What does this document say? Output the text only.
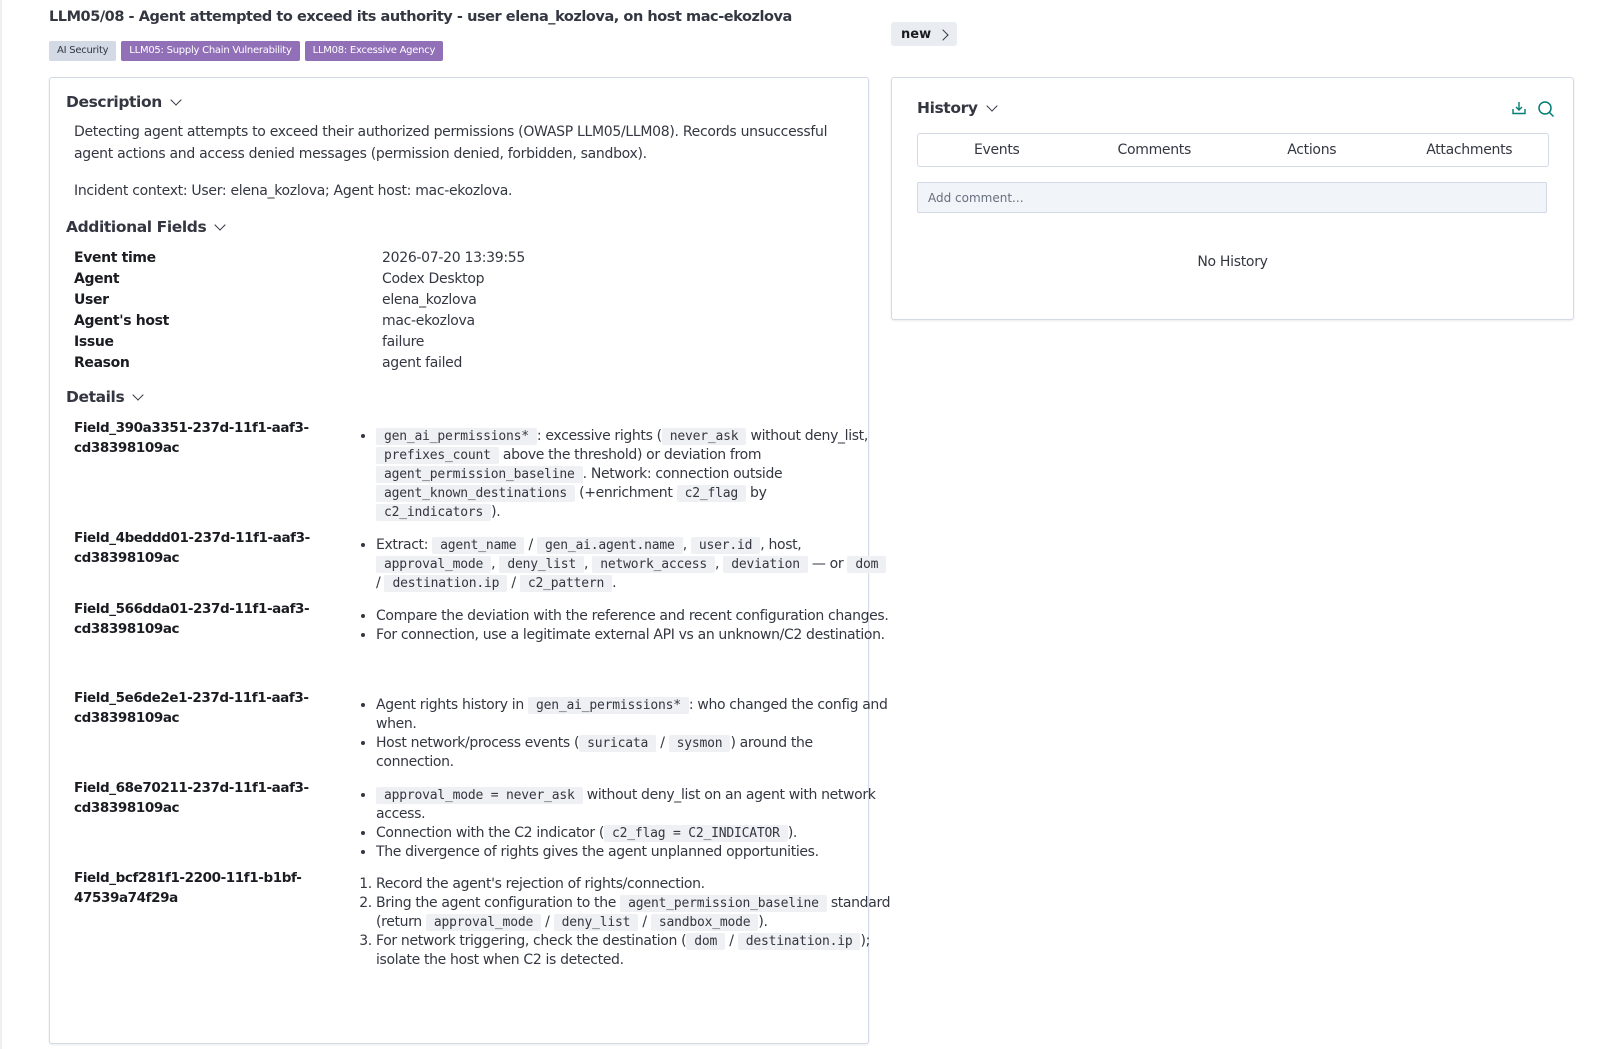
LLM05/08 - Agent attempted to exceed its authority - user elena_kozlova, on host mac-ekozlova
AI Security	LLM05: Supply Chain Vulnerability	LLM08: Excessive Agency
new
Description
Detecting agent attempts to exceed their authorized permissions (OWASP LLM05/LLM08). Records unsuccessful agent actions and access denied messages (permission denied, forbidden, sandbox).
Incident context: User: elena_kozlova; Agent host: mac-ekozlova.
Additional Fields
Event time	2026-07-20 13:39:55
Agent	Codex Desktop
User	elena_kozlova
Agent's host	mac-ekozlova
Issue	failure
Reason	agent failed
Details
Field_390a3351-237d-11f1-aaf3-cd38398109ac
• gen_ai_permissions* : excessive rights ( never_ask without deny_list, prefixes_count above the threshold) or deviation from agent_permission_baseline . Network: connection outside agent_known_destinations (+enrichment c2_flag by c2_indicators ).
Field_4beddd01-237d-11f1-aaf3-cd38398109ac
• Extract: agent_name / gen_ai.agent.name , user.id , host, approval_mode , deny_list , network_access , deviation — or dom / destination.ip / c2_pattern .
Field_566dda01-237d-11f1-aaf3-cd38398109ac
• Compare the deviation with the reference and recent configuration changes.
• For connection, use a legitimate external API vs an unknown/C2 destination.
Field_5e6de2e1-237d-11f1-aaf3-cd38398109ac
• Agent rights history in gen_ai_permissions* : who changed the config and when.
• Host network/process events ( suricata / sysmon ) around the connection.
Field_68e70211-237d-11f1-aaf3-cd38398109ac
• approval_mode = never_ask without deny_list on an agent with network access.
• Connection with the C2 indicator ( c2_flag = C2_INDICATOR ).
• The divergence of rights gives the agent unplanned opportunities.
Field_bcf281f1-2200-11f1-b1bf-47539a74f29a
1. Record the agent's rejection of rights/connection.
2. Bring the agent configuration to the agent_permission_baseline standard (return approval_mode / deny_list / sandbox_mode ).
3. For network triggering, check the destination ( dom / destination.ip ); isolate the host when C2 is detected.
History
Events	Comments	Actions	Attachments
Add comment...
No History
